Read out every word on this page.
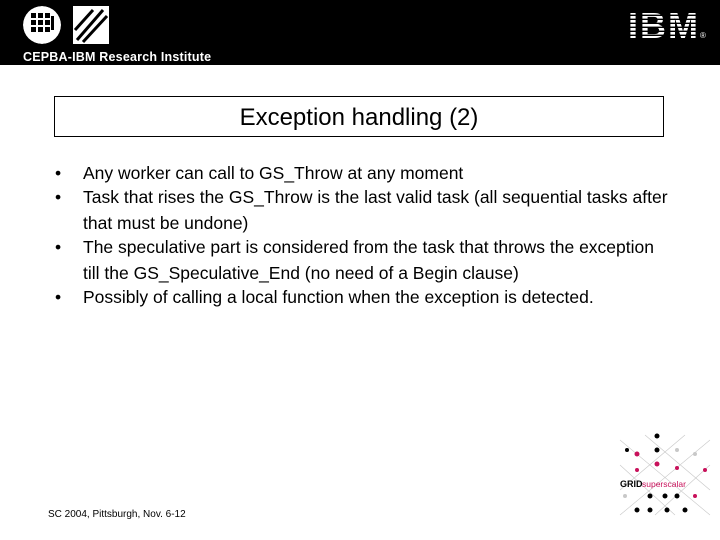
IBM ®
CEPBA-IBM Research Institute
Exception handling (2)
• Any worker can call to GS_Throw at any moment
• Task that rises the GS_Throw is the last valid task (all sequential tasks after that must be undone)
• The speculative part is considered from the task that throws the exception till the GS_Speculative_End (no need of a Begin clause)
• Possibly of calling a local function when the exception is detected.
SC 2004, Pittsburgh, Nov. 6-12
GRID superscalar
